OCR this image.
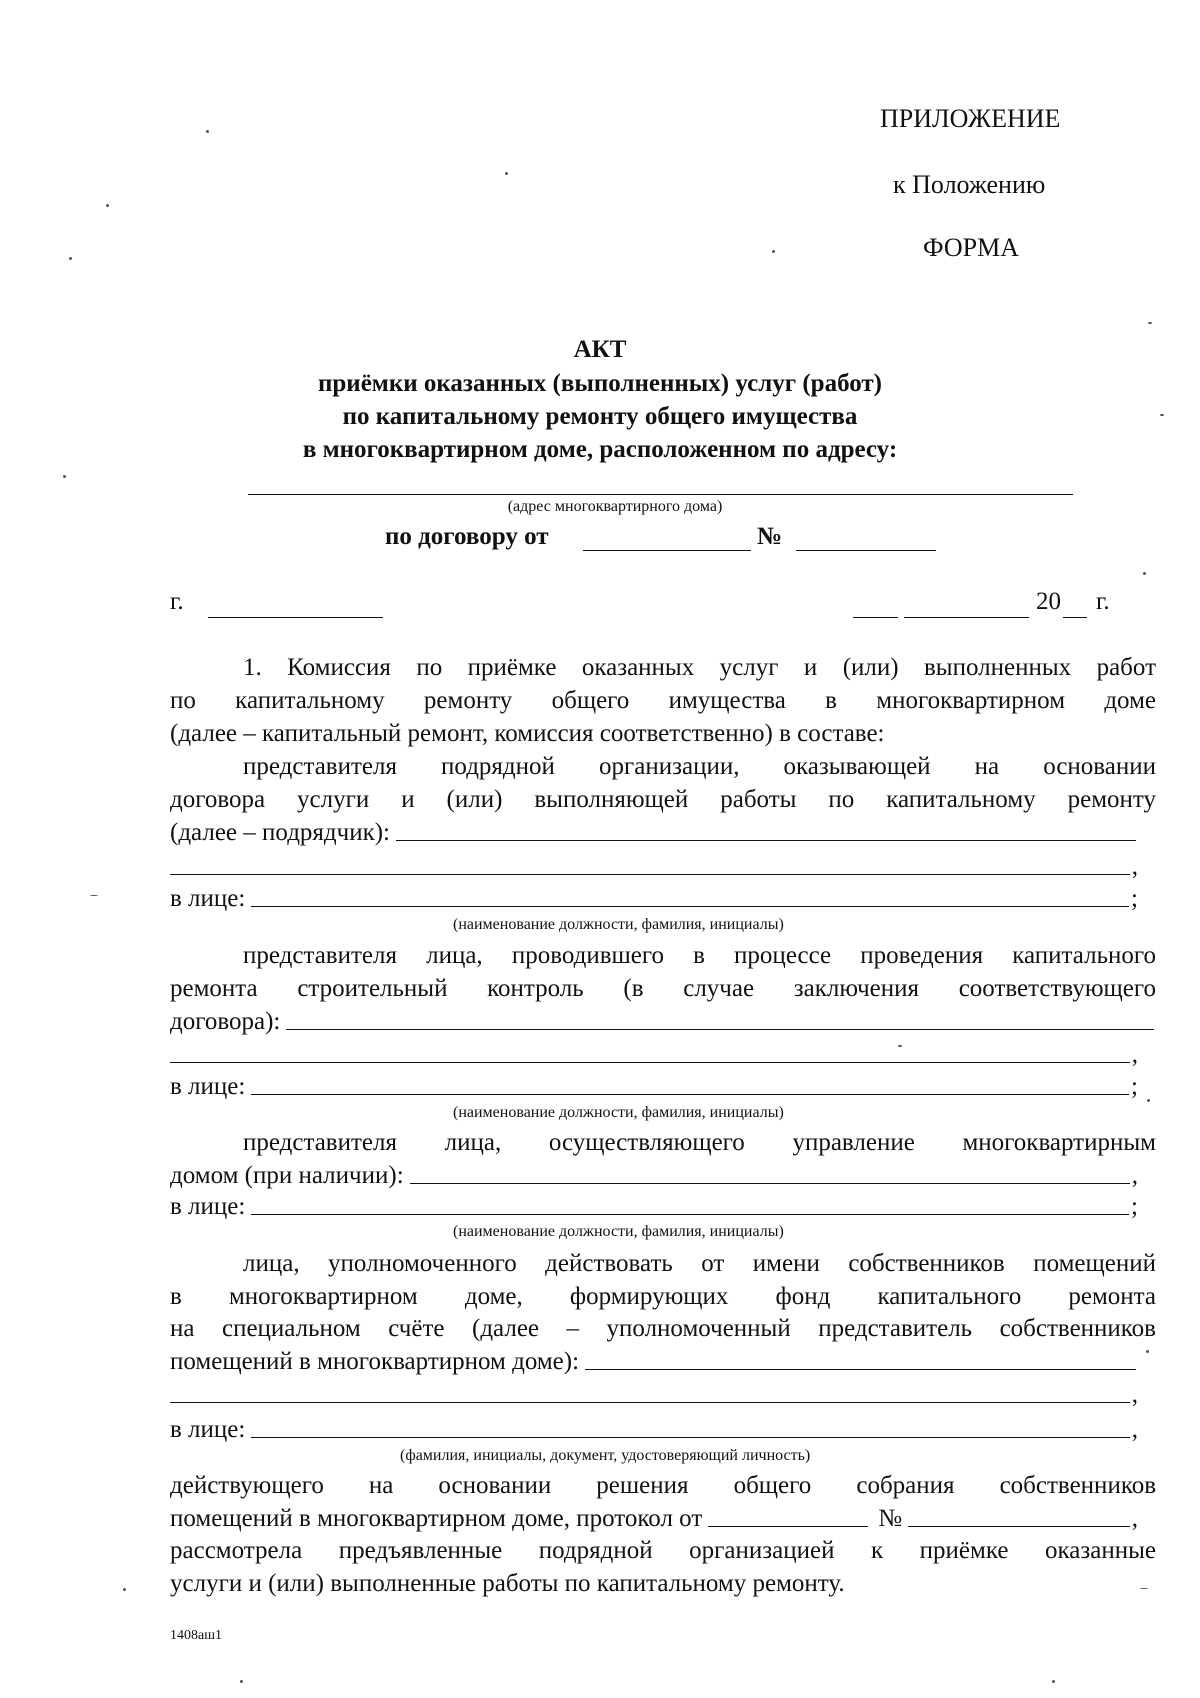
ПРИЛОЖЕНИЕ
к Положению
ФОРМА
АКТ
приёмки оказанных (выполненных) услуг (работ)
по капитальному ремонту общего имущества
в многоквартирном доме, расположенном по адресу:
(адрес многоквартирного дома)
по договору от	№
г.	20 г.
1. Комиссия по приёмке оказанных услуг и (или) выполненных работ
по капитальному ремонту общего имущества в многоквартирном доме
(далее – капитальный ремонт, комиссия соответственно) в составе:
представителя подрядной организации, оказывающей на основании
договора услуги и (или) выполняющей работы по капитальному ремонту
(далее – подрядчик):
,
в лице:	;
(наименование должности, фамилия, инициалы)
представителя лица, проводившего в процессе проведения капитального
ремонта строительный контроль (в случае заключения соответствующего
договора):
,
в лице:	;
(наименование должности, фамилия, инициалы)
представителя лица, осуществляющего управление многоквартирным
домом (при наличии):	,
в лице:	;
(наименование должности, фамилия, инициалы)
лица, уполномоченного действовать от имени собственников помещений
в многоквартирном доме, формирующих фонд капитального ремонта
на специальном счёте (далее – уполномоченный представитель собственников
помещений в многоквартирном доме):
,
в лице:	,
(фамилия, инициалы, документ, удостоверяющий личность)
действующего на основании решения общего собрания собственников
помещений в многоквартирном доме, протокол от	№	,
рассмотрела предъявленные подрядной организацией к приёмке оказанные
услуги и (или) выполненные работы по капитальному ремонту.
1408аш1
